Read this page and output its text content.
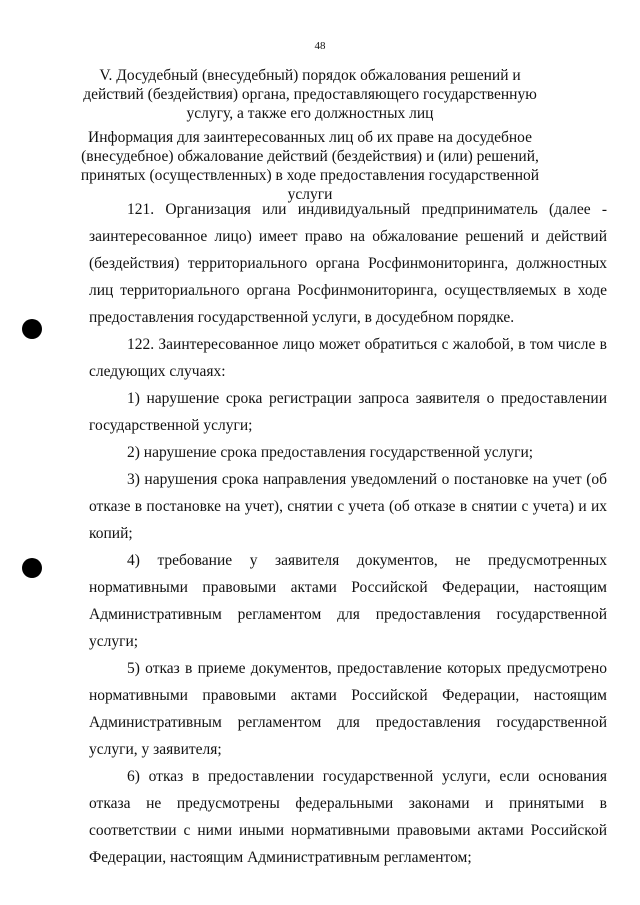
48
V. Досудебный (внесудебный) порядок обжалования решений и действий (бездействия) органа, предоставляющего государственную услугу, а также его должностных лиц
Информация для заинтересованных лиц об их праве на досудебное (внесудебное) обжалование действий (бездействия) и (или) решений, принятых (осуществленных) в ходе предоставления государственной услуги

121. Организация или индивидуальный предприниматель (далее - заинтересованное лицо) имеет право на обжалование решений и действий (бездействия) территориального органа Росфинмониторинга, должностных лиц территориального органа Росфинмониторинга, осуществляемых в ходе предоставления государственной услуги, в досудебном порядке.

122. Заинтересованное лицо может обратиться с жалобой, в том числе в следующих случаях:

1) нарушение срока регистрации запроса заявителя о предоставлении государственной услуги;

2) нарушение срока предоставления государственной услуги;

3) нарушения срока направления уведомлений о постановке на учет (об отказе в постановке на учет), снятии с учета (об отказе в снятии с учета) и их копий;

4) требование у заявителя документов, не предусмотренных нормативными правовыми актами Российской Федерации, настоящим Административным регламентом для предоставления государственной услуги;

5) отказ в приеме документов, предоставление которых предусмотрено нормативными правовыми актами Российской Федерации, настоящим Административным регламентом для предоставления государственной услуги, у заявителя;

6) отказ в предоставлении государственной услуги, если основания отказа не предусмотрены федеральными законами и принятыми в соответствии с ними иными нормативными правовыми актами Российской Федерации, настоящим Административным регламентом;
